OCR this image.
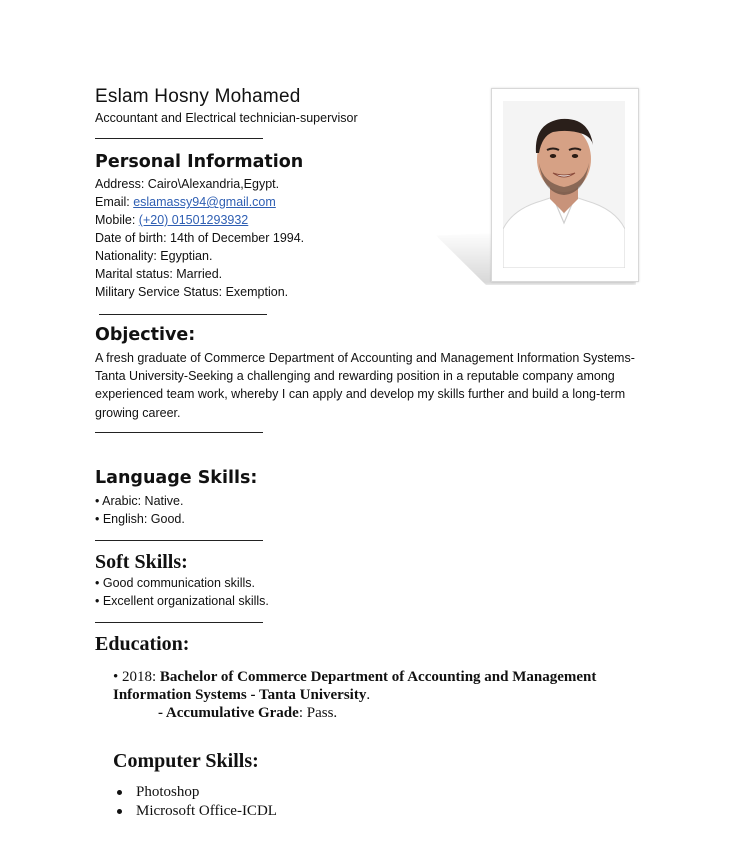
Eslam Hosny Mohamed
Accountant and Electrical technician-supervisor
Personal Information
Address: Cairo\Alexandria,Egypt.
Email: eslamassy94@gmail.com
Mobile: (+20) 01501293932
Date of birth: 14th of December 1994.
Nationality: Egyptian.
Marital status: Married.
Military Service Status: Exemption.
Objective:
A fresh graduate of Commerce Department of Accounting and Management Information Systems-Tanta University-Seeking a challenging and rewarding position in a reputable company among experienced team work, whereby I can apply and develop my skills further and build a long-term growing career.
Language Skills:
• Arabic: Native.
• English: Good.
Soft Skills:
• Good communication skills.
• Excellent organizational skills.
Education:
• 2018: Bachelor of Commerce Department of Accounting and Management
Information Systems - Tanta University.
- Accumulative Grade: Pass.
Computer Skills:
Photoshop
Microsoft Office-ICDL
